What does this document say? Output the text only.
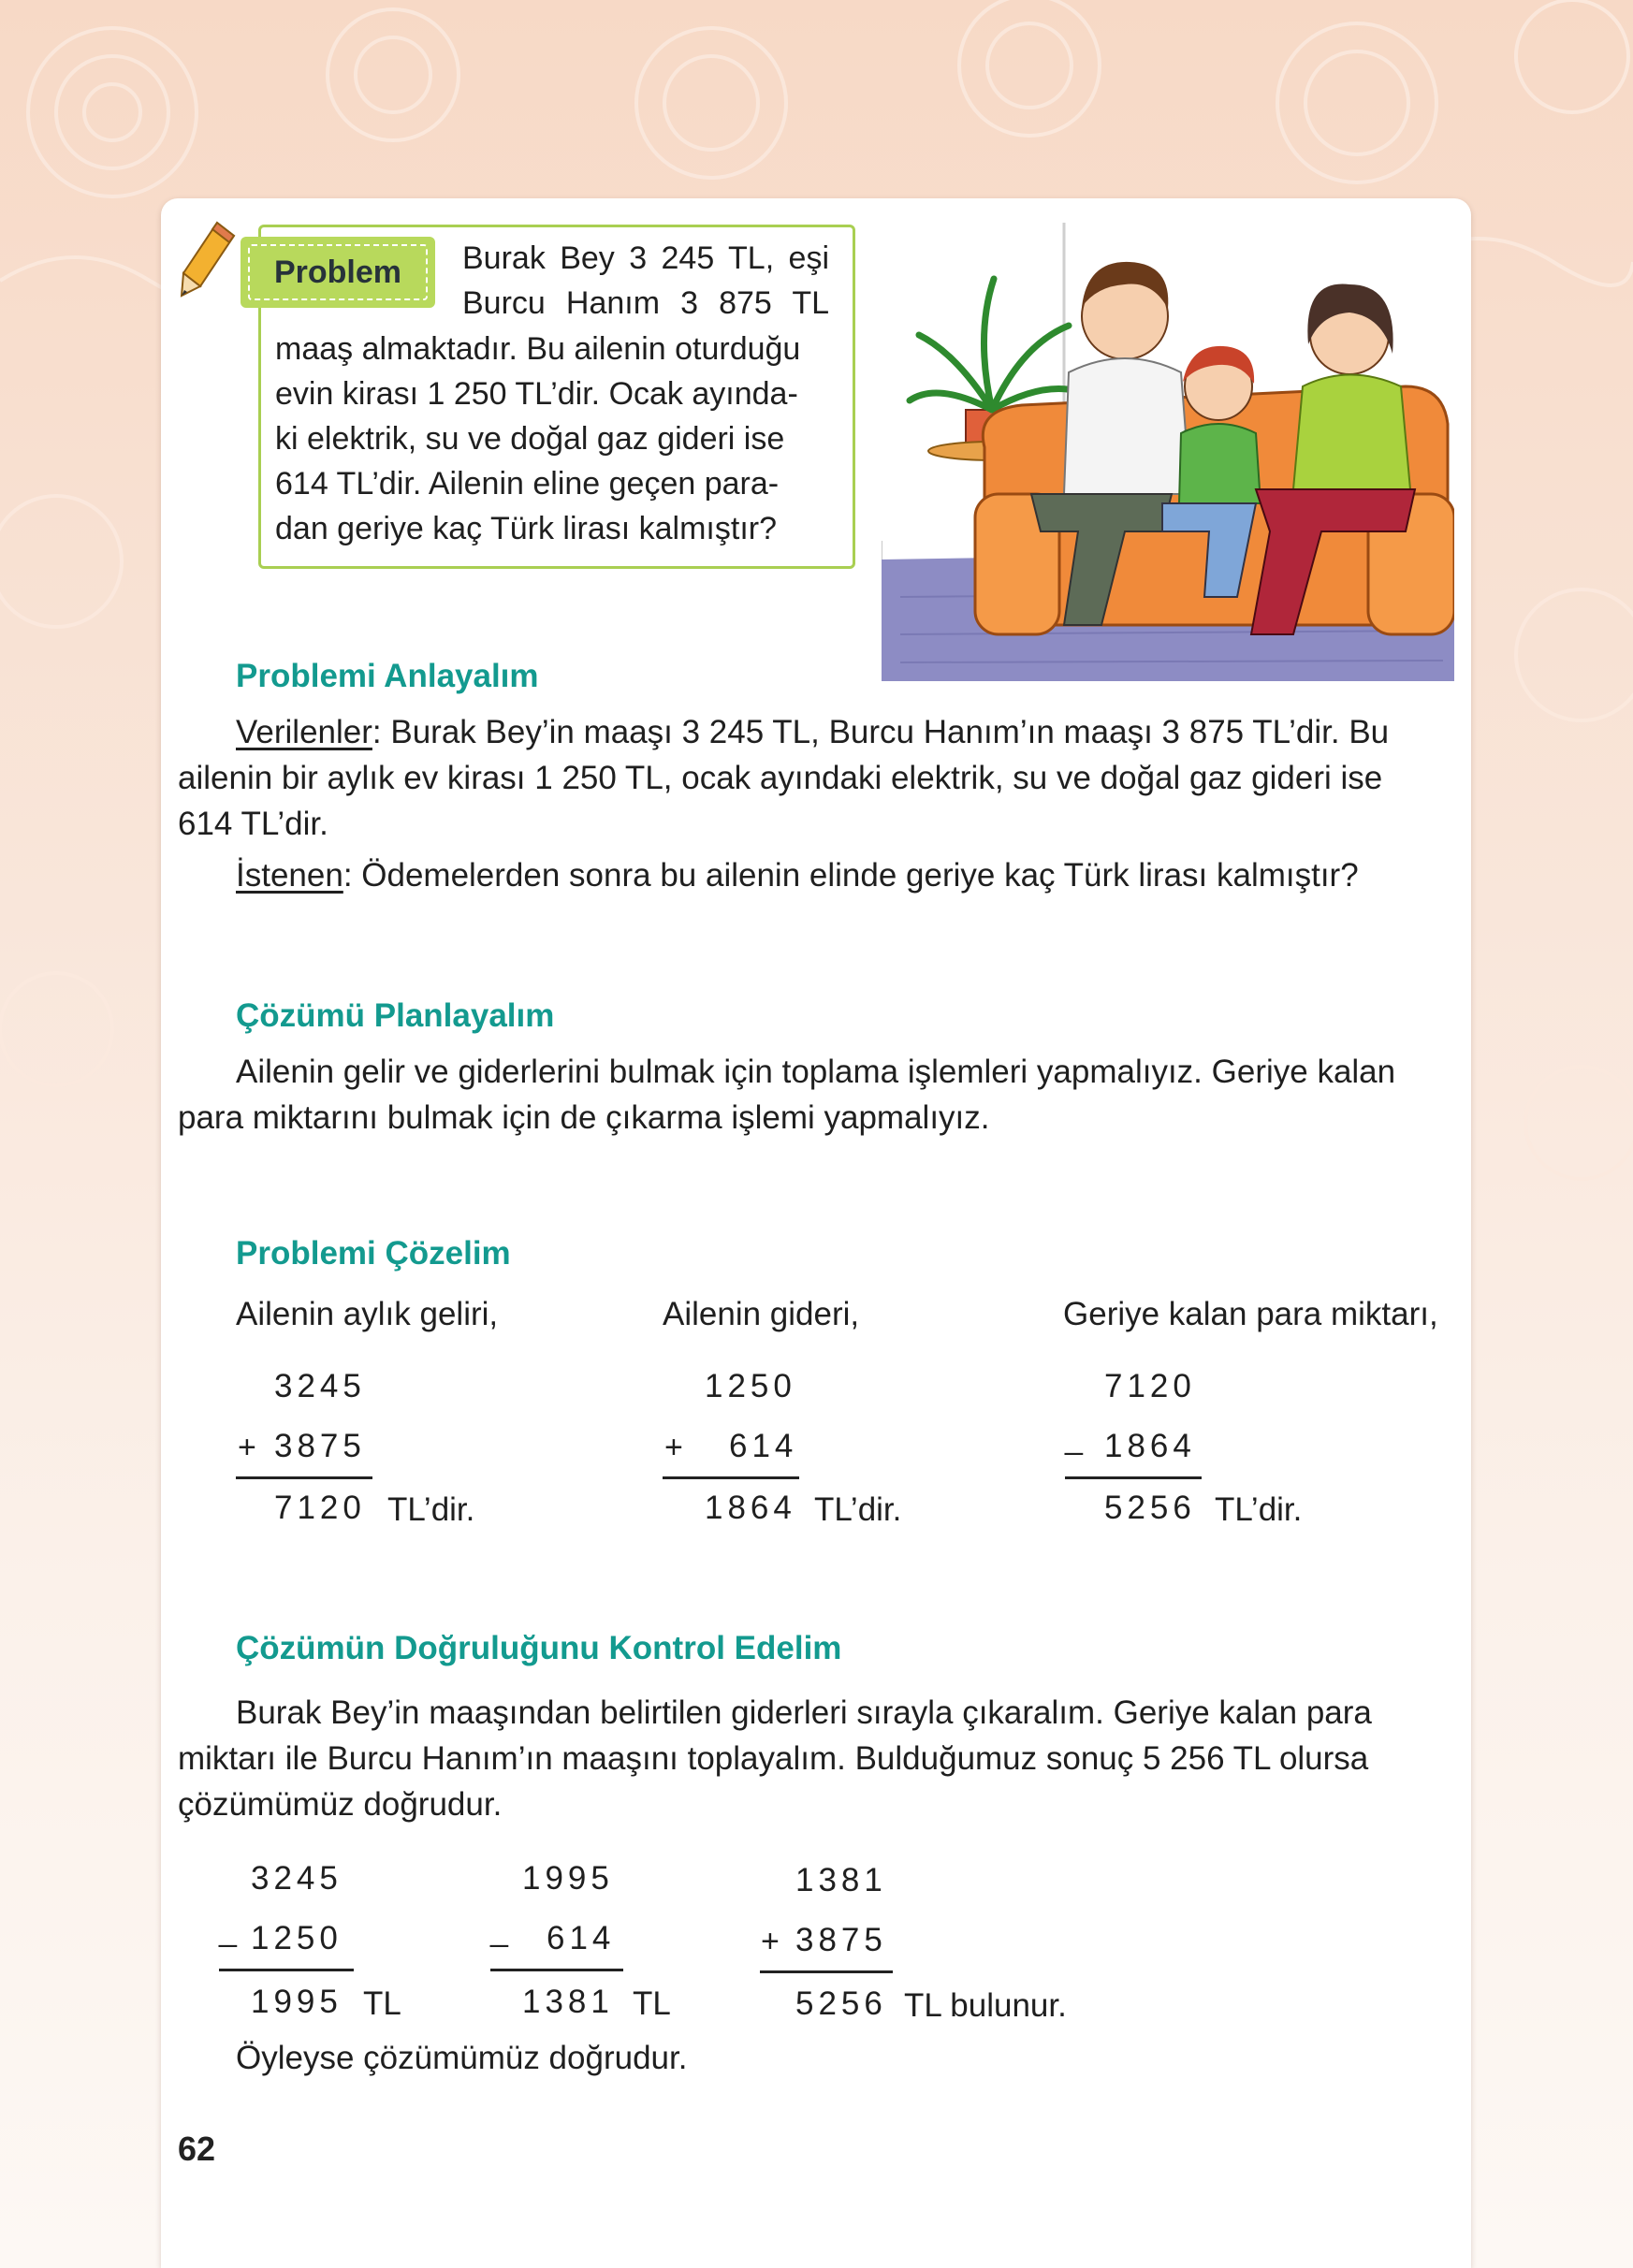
Problem	Burak Bey 3 245 TL, eşi
Burcu Hanım 3 875 TL
maaş almaktadır. Bu ailenin oturduğu
evin kirası 1 250 TL’dir. Ocak ayında-
ki elektrik, su ve doğal gaz gideri ise
614 TL’dir. Ailenin eline geçen para-
dan geriye kaç Türk lirası kalmıştır?
Problemi Anlayalım
Verilenler: Burak Bey’in maaşı 3 245 TL, Burcu Hanım’ın maaşı 3 875 TL’dir. Bu
ailenin bir aylık ev kirası 1 250 TL, ocak ayındaki elektrik, su ve doğal gaz gideri ise
614 TL’dir.
İstenen: Ödemelerden sonra bu ailenin elinde geriye kaç Türk lirası kalmıştır?
Çözümü Planlayalım
Ailenin gelir ve giderlerini bulmak için toplama işlemleri yapmalıyız. Geriye kalan
para miktarını bulmak için de çıkarma işlemi yapmalıyız.
Problemi Çözelim
Ailenin aylık geliri,
3245
+ 3875
7120 TL’dir.
Ailenin gideri,
1250
+ 614
1864 TL’dir.
Geriye kalan para miktarı,
7120
_ 1864
5256 TL’dir.
Çözümün Doğruluğunu Kontrol Edelim
Burak Bey’in maaşından belirtilen giderleri sırayla çıkaralım. Geriye kalan para
miktarı ile Burcu Hanım’ın maaşını toplayalım. Bulduğumuz sonuç 5 256 TL olursa
çözümümüz doğrudur.
3245
_ 1250
1995 TL
1995
_ 614
1381 TL
1381
+ 3875
5256 TL bulunur.
Öyleyse çözümümüz doğrudur.
62
